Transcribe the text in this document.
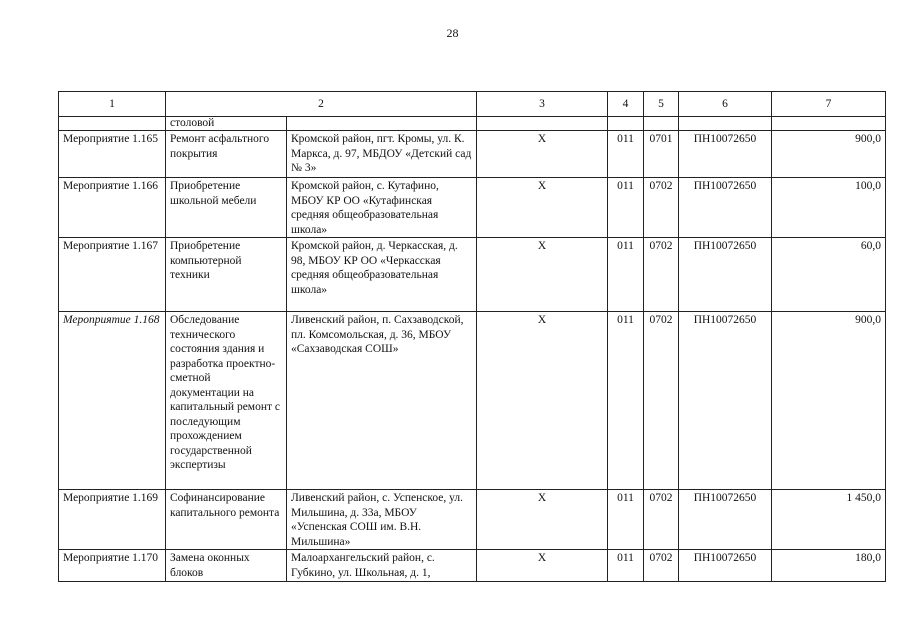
28
1	2		3	4	5	6	7
	столовой						
Мероприятие 1.165	Ремонт асфальтного покрытия	Кромской район, пгт. Кромы, ул. К. Маркса, д. 97, МБДОУ «Детский сад № 3»	Х	011	0701	ПН10072650	900,0
Мероприятие 1.166	Приобретение школьной мебели	Кромской район, с. Кутафино, МБОУ КР ОО «Кутафинская средняя общеобразовательная школа»	Х	011	0702	ПН10072650	100,0
Мероприятие 1.167	Приобретение компьютерной техники	Кромской район, д. Черкасская, д. 98, МБОУ КР ОО «Черкасская средняя общеобразовательная школа»	Х	011	0702	ПН10072650	60,0
Мероприятие 1.168	Обследование технического состояния здания и разработка проектно-сметной документации на капитальный ремонт с последующим прохождением государственной экспертизы	Ливенский район, п. Сахзаводской, пл. Комсомольская, д. 36, МБОУ «Сахзаводская СОШ»	Х	011	0702	ПН10072650	900,0
Мероприятие 1.169	Софинансирование капитального ремонта	Ливенский район, с. Успенское, ул. Мильшина, д. 33а, МБОУ «Успенская СОШ им. В.Н. Мильшина»	Х	011	0702	ПН10072650	1 450,0
Мероприятие 1.170	Замена оконных блоков	Малоархангельский район, с. Губкино, ул. Школьная, д. 1,	Х	011	0702	ПН10072650	180,0
